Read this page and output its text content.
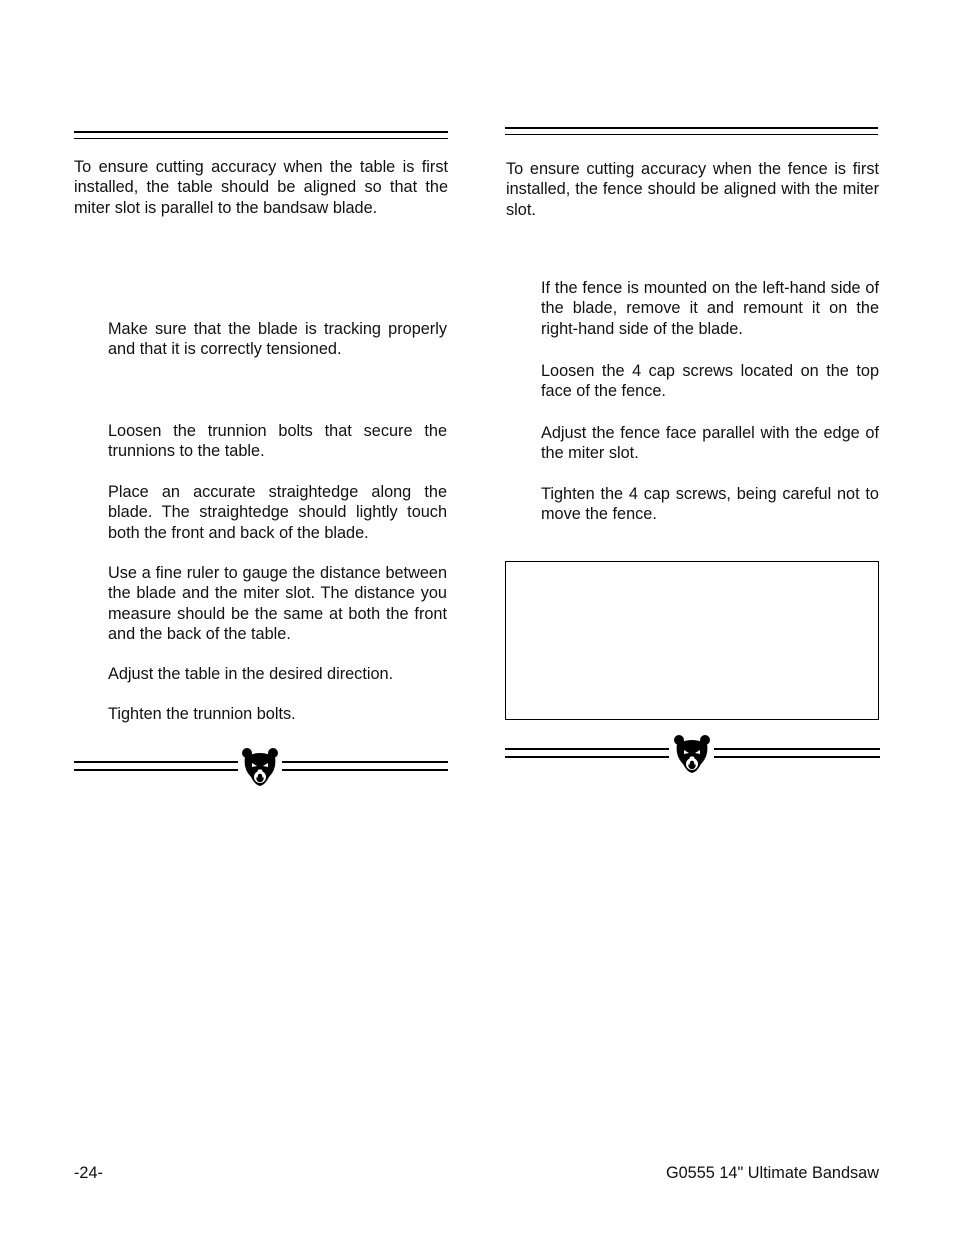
To ensure cutting accuracy when the table is first installed, the table should be aligned so that the miter slot is parallel to the bandsaw blade.

Make sure that the blade is tracking properly and that it is correctly tensioned.

Loosen the trunnion bolts that secure the trunnions to the table.

Place an accurate straightedge along the blade. The straightedge should lightly touch both the front and back of the blade.

Use a fine ruler to gauge the distance between the blade and the miter slot. The distance you measure should be the same at both the front and the back of the table.

Adjust the table in the desired direction.

Tighten the trunnion bolts.

To ensure cutting accuracy when the fence is first installed, the fence should be aligned with the miter slot.

If the fence is mounted on the left-hand side of the blade, remove it and remount it on the right-hand side of the blade.

Loosen the 4 cap screws located on the top face of the fence.

Adjust the fence face parallel with the edge of the miter slot.

Tighten the 4 cap screws, being careful not to move the fence.

-24-	G0555 14" Ultimate Bandsaw
